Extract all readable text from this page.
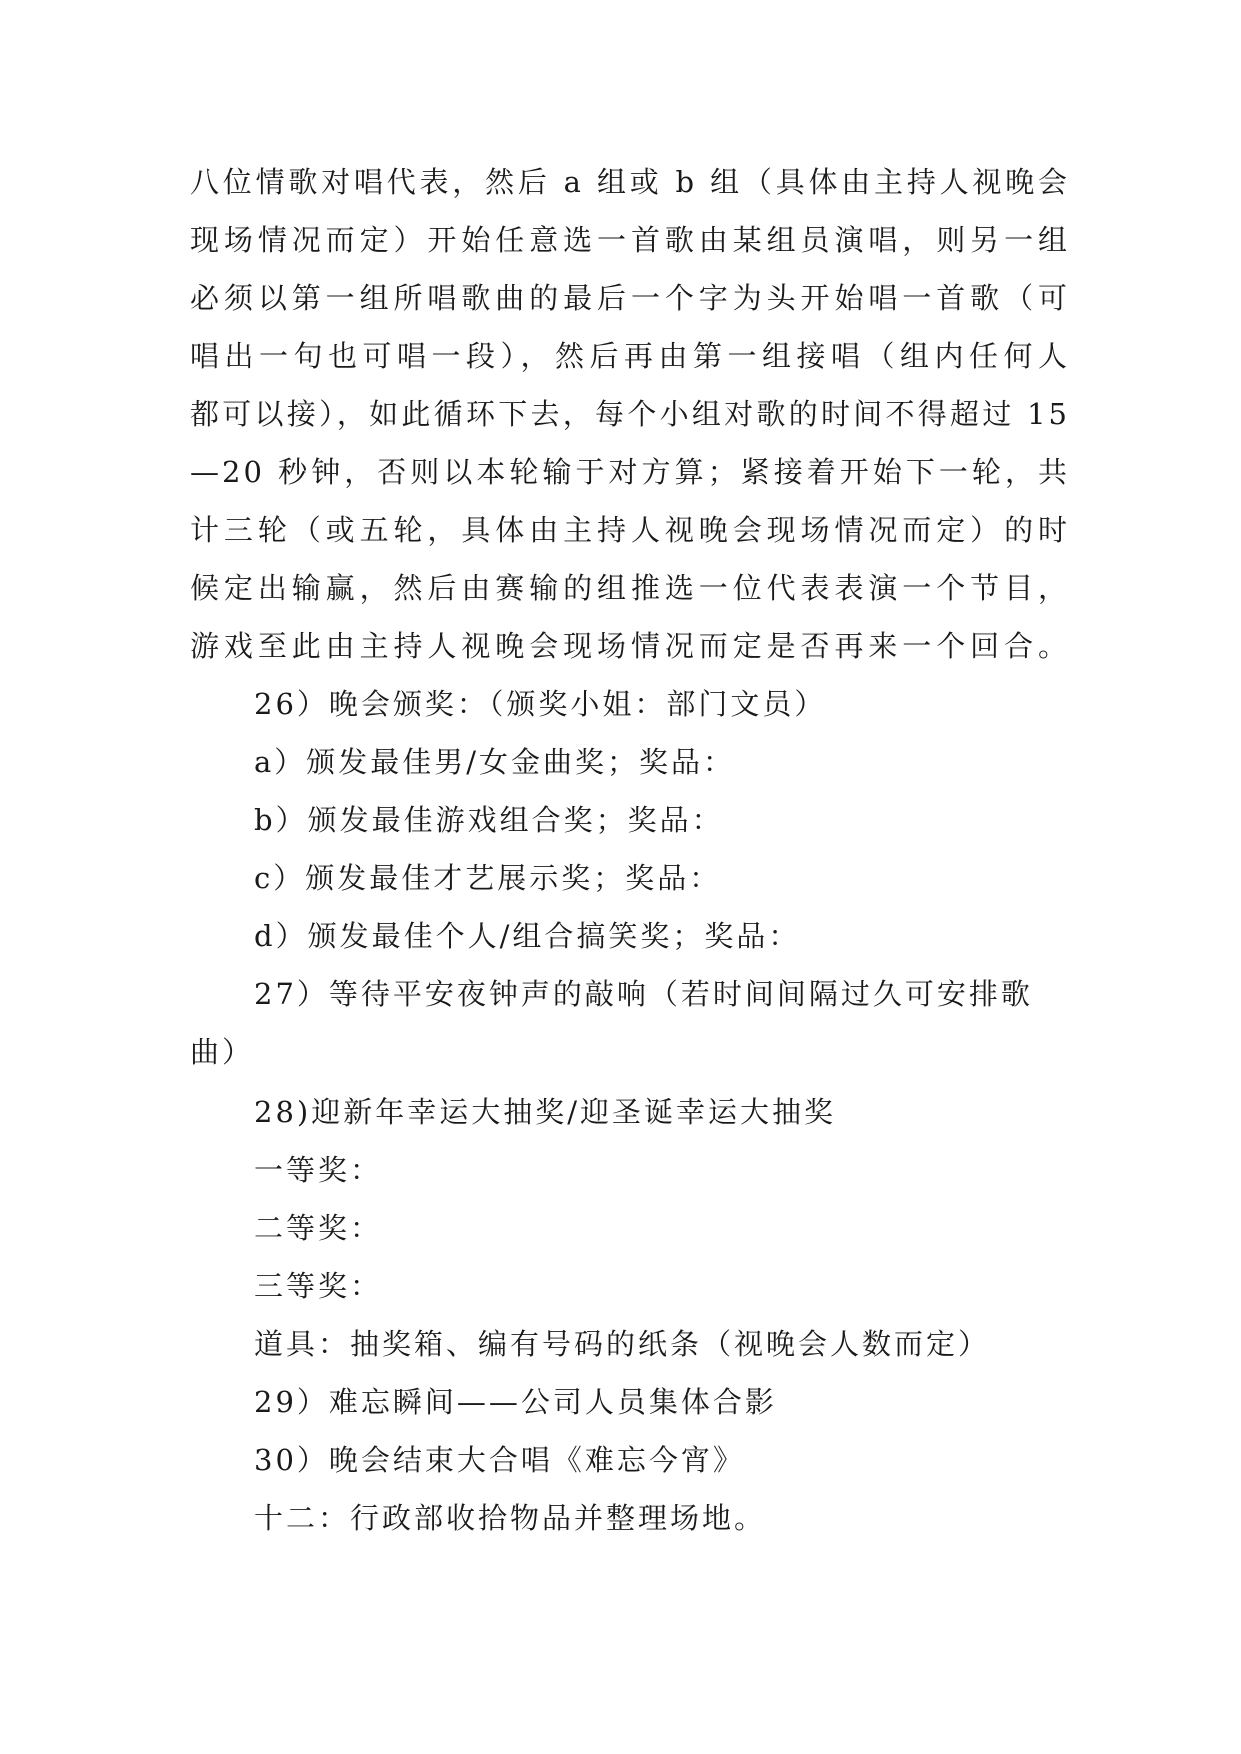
八位情歌对唱代表，然后 a 组或 b 组（具体由主持人视晚会
现场情况而定）开始任意选一首歌由某组员演唱，则另一组
必须以第一组所唱歌曲的最后一个字为头开始唱一首歌（可
唱出一句也可唱一段），然后再由第一组接唱（组内任何人
都可以接），如此循环下去，每个小组对歌的时间不得超过 15
—20 秒钟，否则以本轮输于对方算；紧接着开始下一轮，共
计三轮（或五轮，具体由主持人视晚会现场情况而定）的时
候定出输赢，然后由赛输的组推选一位代表表演一个节目，
游戏至此由主持人视晚会现场情况而定是否再来一个回合。
26）晚会颁奖：（颁奖小姐：部门文员）
a）颁发最佳男/女金曲奖；奖品：
b）颁发最佳游戏组合奖；奖品：
c）颁发最佳才艺展示奖；奖品：
d）颁发最佳个人/组合搞笑奖；奖品：
27）等待平安夜钟声的敲响（若时间间隔过久可安排歌
曲）
28)迎新年幸运大抽奖/迎圣诞幸运大抽奖
一等奖：
二等奖：
三等奖：
道具：抽奖箱、编有号码的纸条（视晚会人数而定）
29）难忘瞬间——公司人员集体合影
30）晚会结束大合唱《难忘今宵》
十二：行政部收拾物品并整理场地。
